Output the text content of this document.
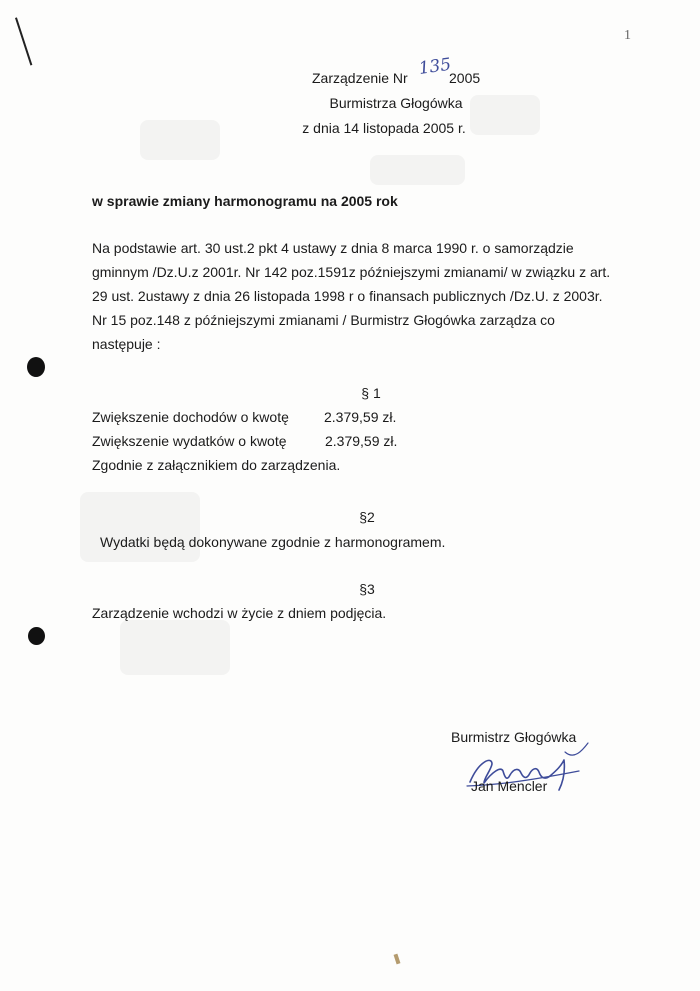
1
Zarządzenie Nr 135
2005
Burmistrza Głogówka
z dnia 14 listopada 2005 r.
w sprawie zmiany harmonogramu na 2005 rok
Na podstawie art. 30 ust.2 pkt 4 ustawy z dnia 8 marca 1990 r. o samorządzie
gminnym /Dz.U.z 2001r. Nr 142 poz.1591z późniejszymi zmianami/ w związku z art.
29 ust. 2ustawy z dnia 26 listopada 1998 r o finansach publicznych /Dz.U. z 2003r.
Nr 15 poz.148 z późniejszymi zmianami / Burmistrz Głogówka zarządza co
następuje :
§ 1
Zwiększenie dochodów o kwotę	2.379,59 zł.
Zwiększenie wydatków o kwotę	2.379,59 zł.
Zgodnie z załącznikiem do zarządzenia.
§2
Wydatki będą dokonywane zgodnie z harmonogramem.
§3
Zarządzenie wchodzi w życie z dniem podjęcia.
Burmistrz Głogówka
Jan Mencler
